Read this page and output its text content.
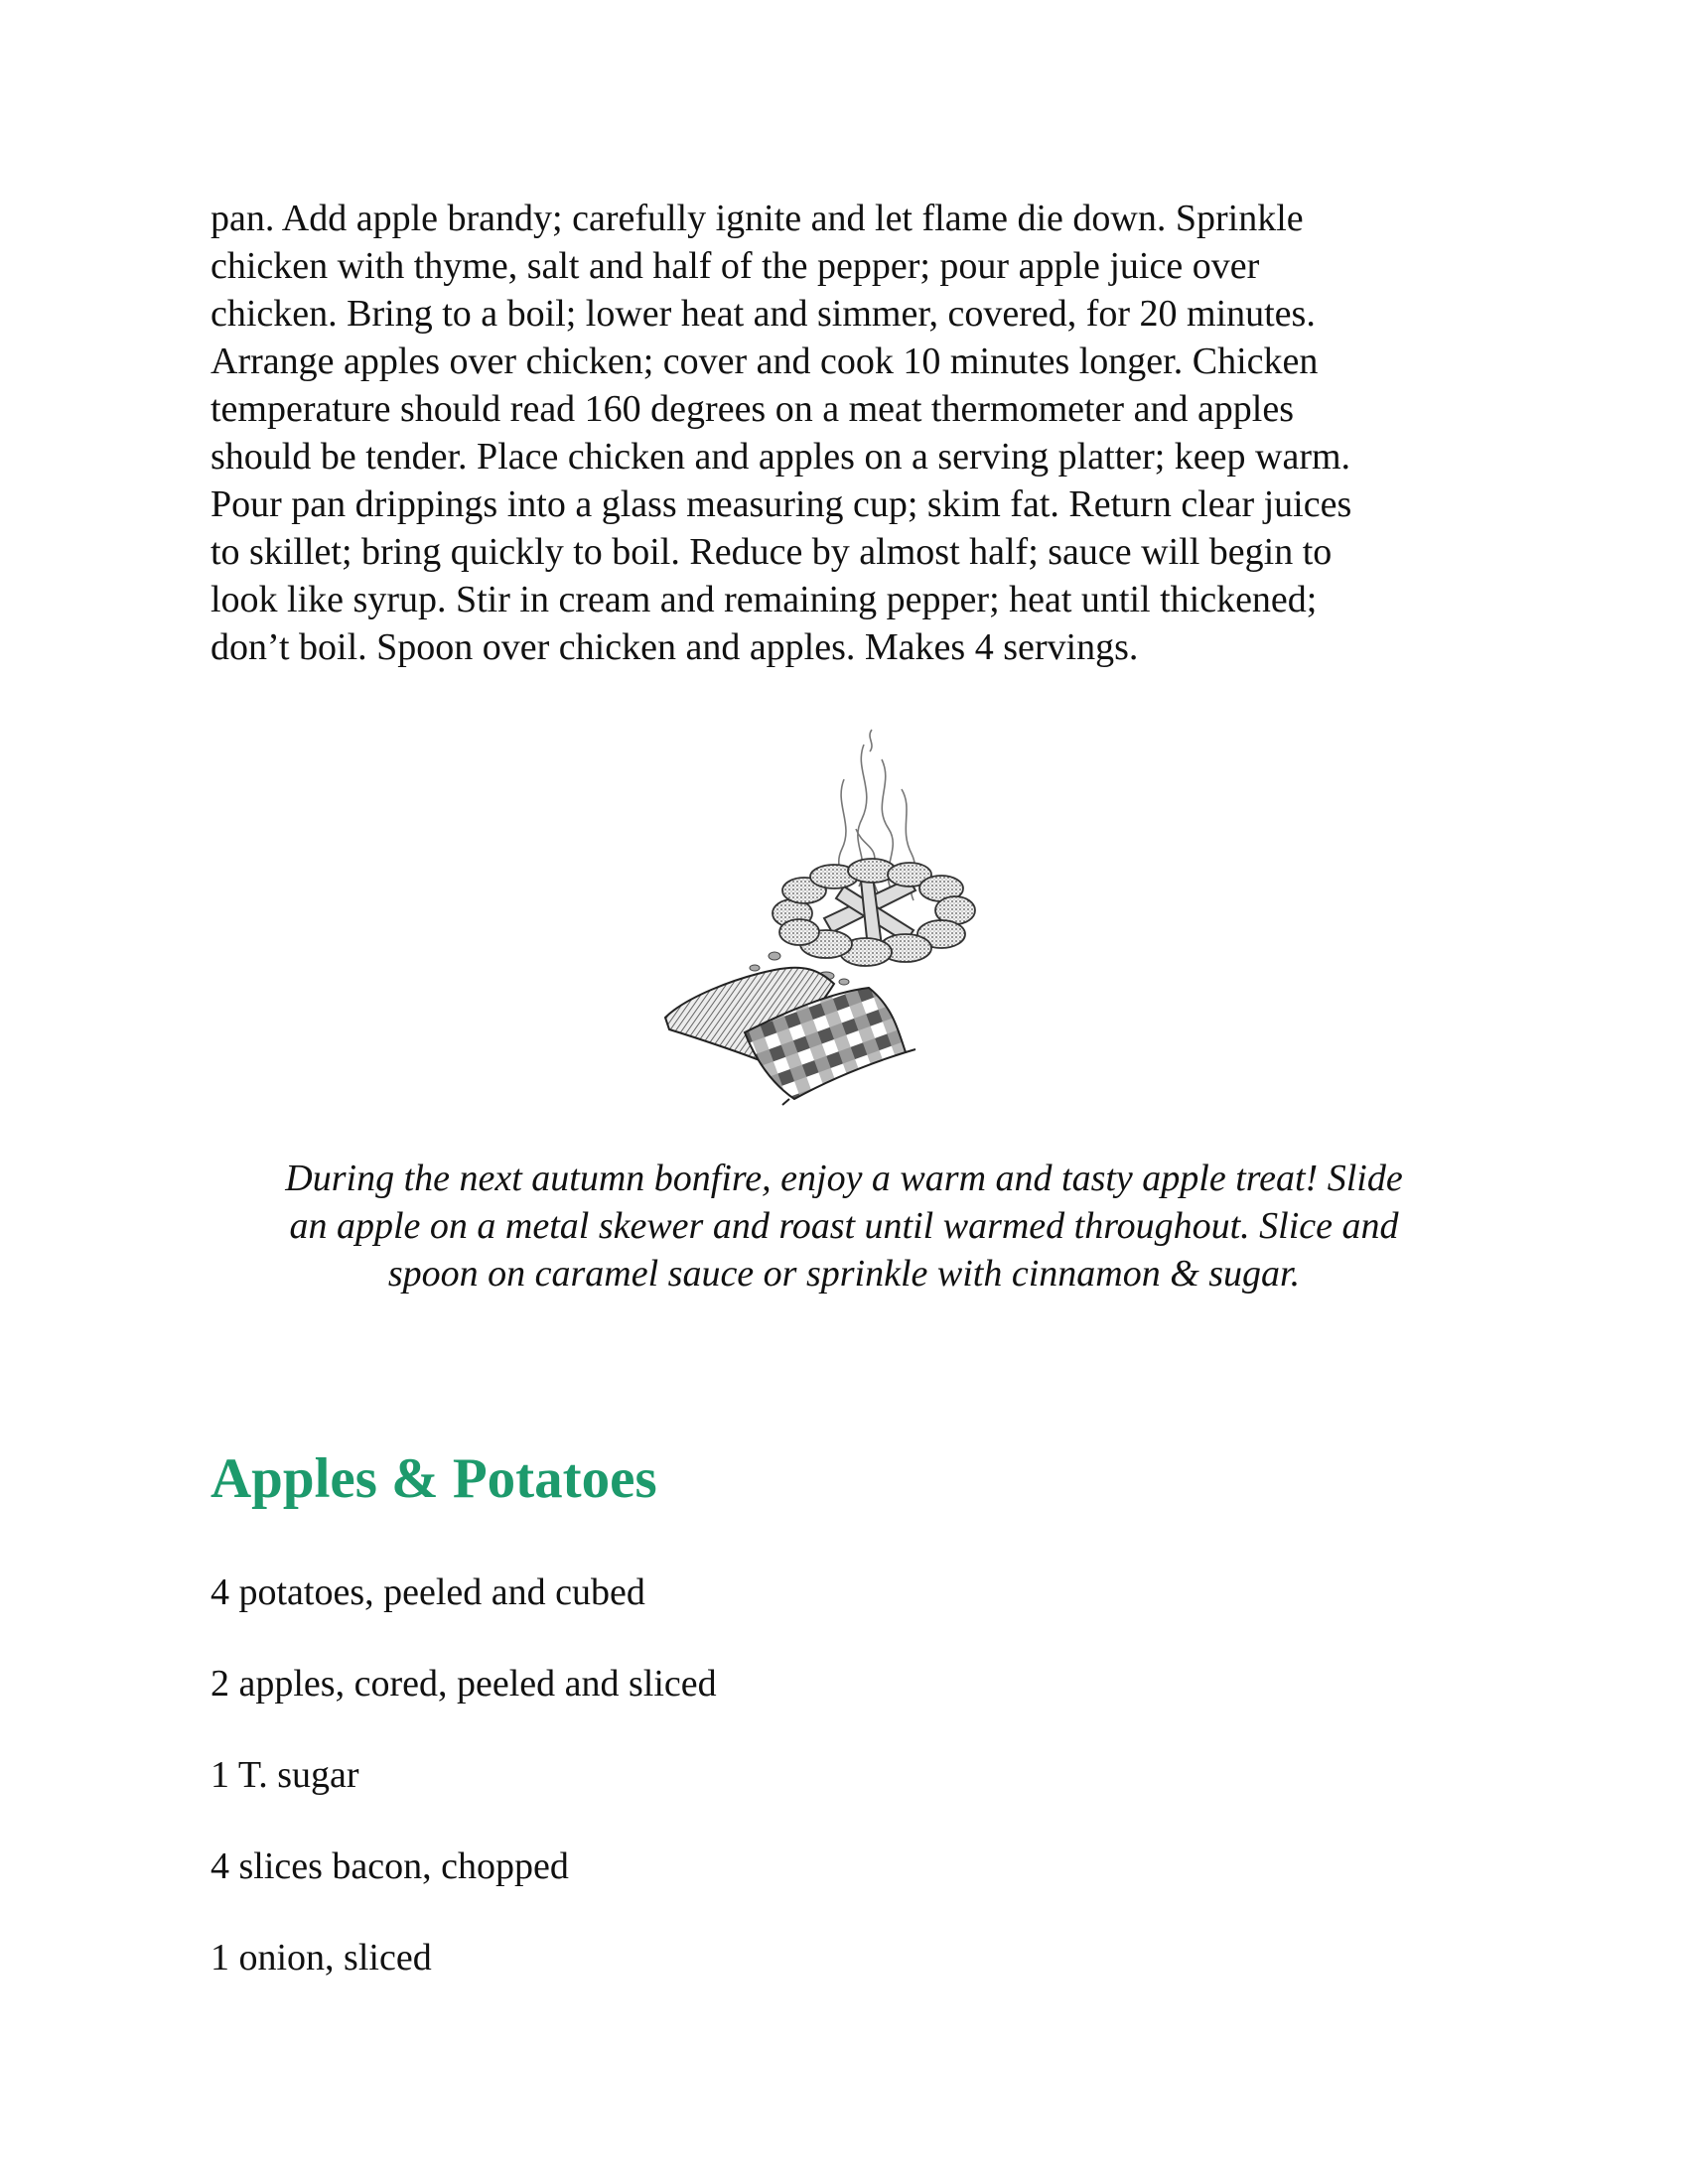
pan. Add apple brandy; carefully ignite and let flame die down. Sprinkle
chicken with thyme, salt and half of the pepper; pour apple juice over
chicken. Bring to a boil; lower heat and simmer, covered, for 20 minutes.
Arrange apples over chicken; cover and cook 10 minutes longer. Chicken
temperature should read 160 degrees on a meat thermometer and apples
should be tender. Place chicken and apples on a serving platter; keep warm.
Pour pan drippings into a glass measuring cup; skim fat. Return clear juices
to skillet; bring quickly to boil. Reduce by almost half; sauce will begin to
look like syrup. Stir in cream and remaining pepper; heat until thickened;
don’t boil. Spoon over chicken and apples. Makes 4 servings.
During the next autumn bonfire, enjoy a warm and tasty apple treat! Slide
an apple on a metal skewer and roast until warmed throughout. Slice and
spoon on caramel sauce or sprinkle with cinnamon & sugar.
Apples & Potatoes
4 potatoes, peeled and cubed
2 apples, cored, peeled and sliced
1 T. sugar
4 slices bacon, chopped
1 onion, sliced
